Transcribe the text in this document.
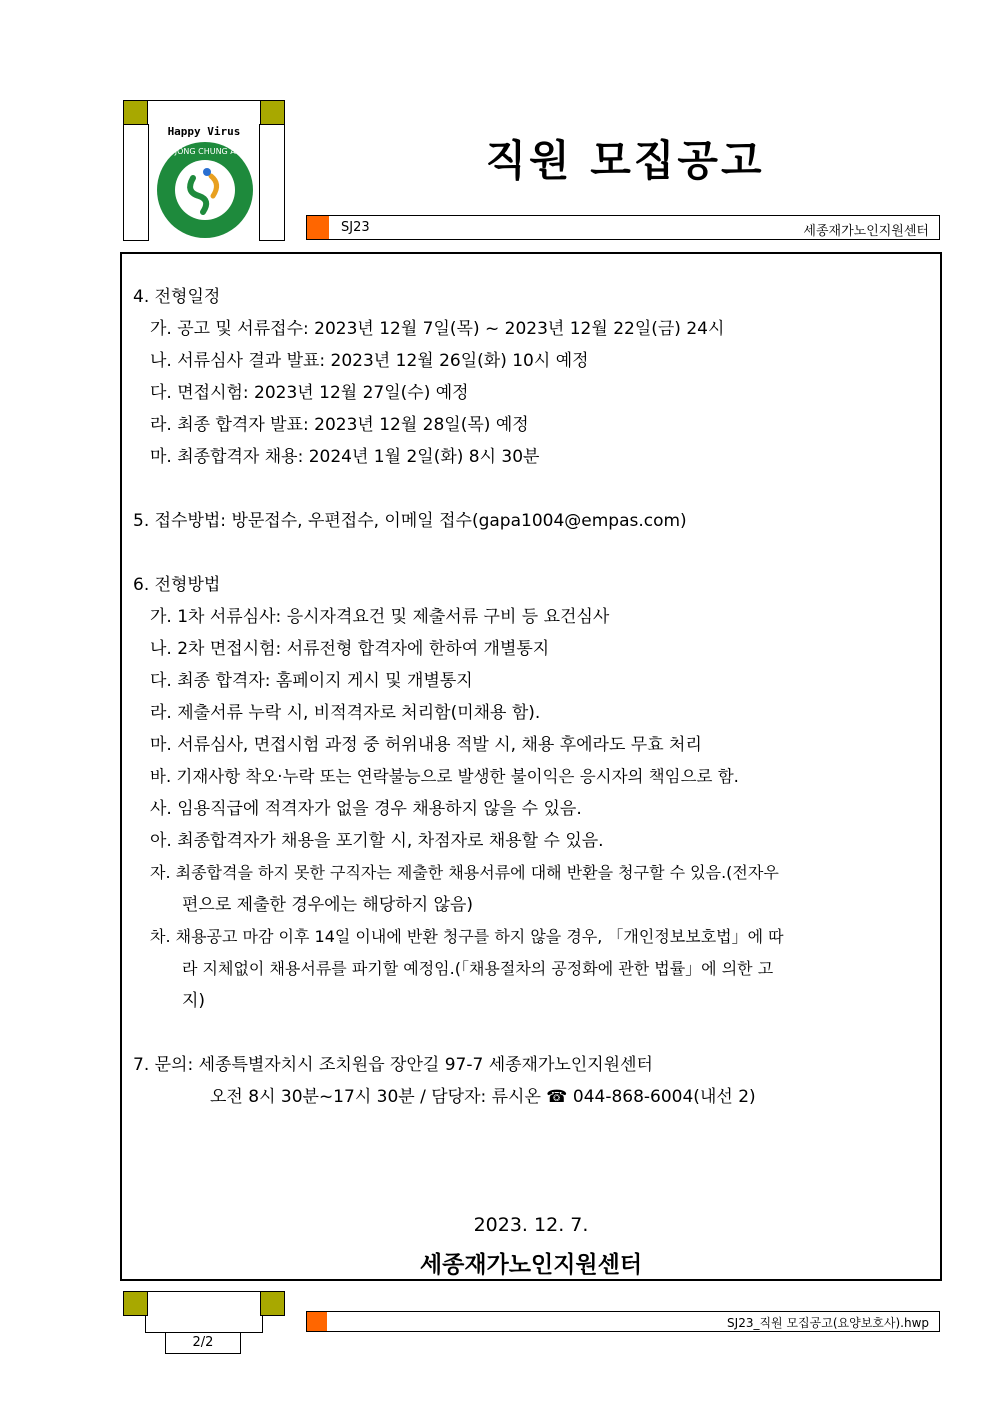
Happy Virus
SE JONG CHUNG ANG	직원 모집공고
SJ23	세종재가노인지원센터
4. 전형일정
가. 공고 및 서류접수: 2023년 12월 7일(목) ~ 2023년 12월 22일(금) 24시
나. 서류심사 결과 발표: 2023년 12월 26일(화) 10시 예정
다. 면접시험: 2023년 12월 27일(수) 예정
라. 최종 합격자 발표: 2023년 12월 28일(목) 예정
마. 최종합격자 채용: 2024년 1월 2일(화) 8시 30분
5. 접수방법: 방문접수, 우편접수, 이메일 접수(gapa1004@empas.com)
6. 전형방법
가. 1차 서류심사: 응시자격요건 및 제출서류 구비 등 요건심사
나. 2차 면접시험: 서류전형 합격자에 한하여 개별통지
다. 최종 합격자: 홈페이지 게시 및 개별통지
라. 제출서류 누락 시, 비적격자로 처리함(미채용 함).
마. 서류심사, 면접시험 과정 중 허위내용 적발 시, 채용 후에라도 무효 처리
바. 기재사항 착오·누락 또는 연락불능으로 발생한 불이익은 응시자의 책임으로 함.
사. 임용직급에 적격자가 없을 경우 채용하지 않을 수 있음.
아. 최종합격자가 채용을 포기할 시, 차점자로 채용할 수 있음.
자. 최종합격을 하지 못한 구직자는 제출한 채용서류에 대해 반환을 청구할 수 있음.(전자우
편으로 제출한 경우에는 해당하지 않음)
차. 채용공고 마감 이후 14일 이내에 반환 청구를 하지 않을 경우, 「개인정보보호법」에 따
라 지체없이 채용서류를 파기할 예정임.(「채용절차의 공정화에 관한 법률」에 의한 고
지)
7. 문의: 세종특별자치시 조치원읍 장안길 97-7 세종재가노인지원센터
오전 8시 30분~17시 30분 / 담당자: 류시온 ☎ 044-868-6004(내선 2)
2023. 12. 7.
세종재가노인지원센터
2/2
SJ23_직원 모집공고(요양보호사).hwp
